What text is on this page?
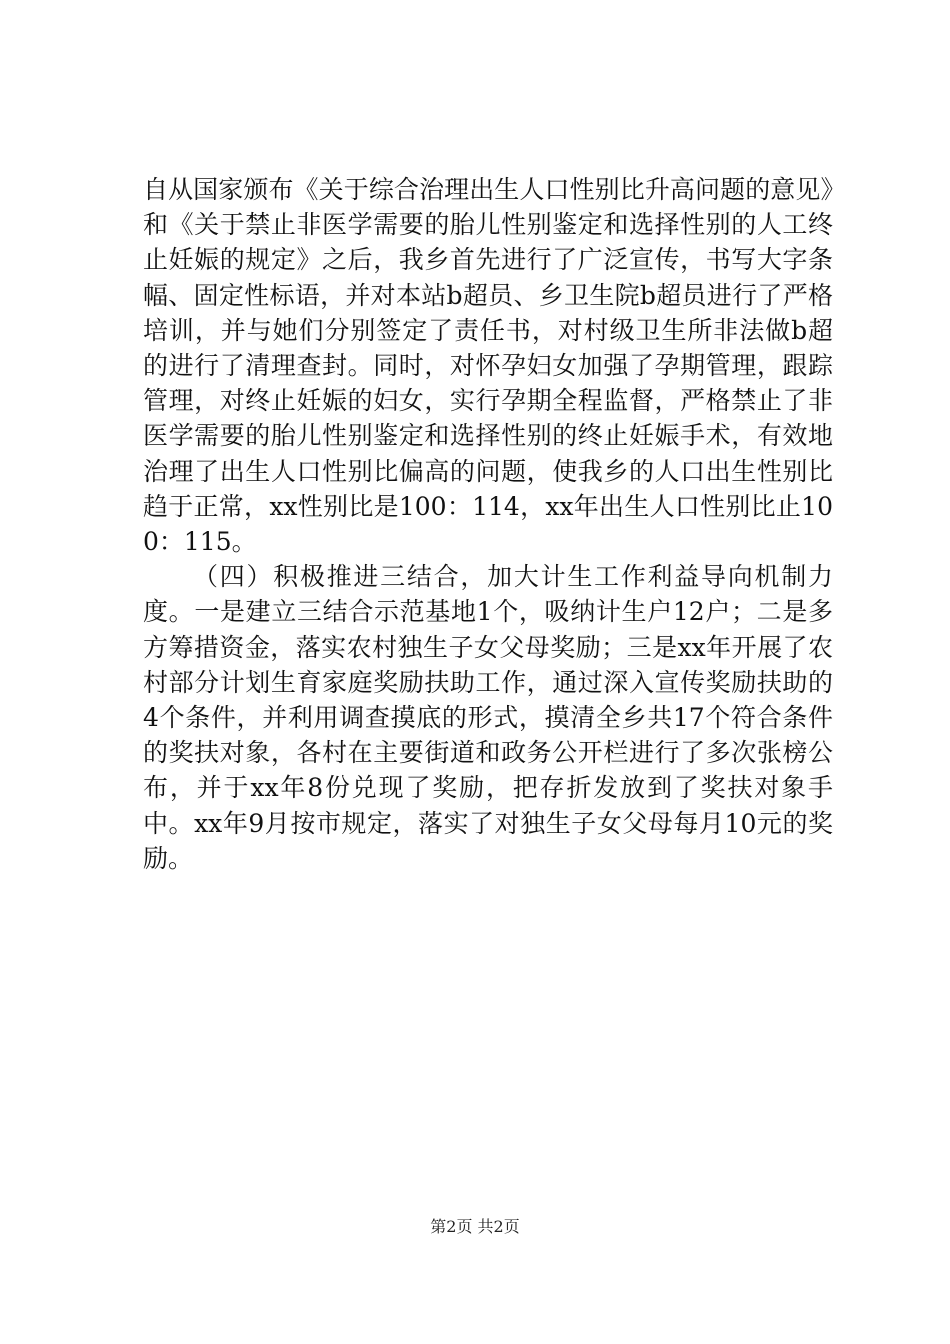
自从国家颁布《关于综合治理出生人口性别比升高问题的意见》和《关于禁止非医学需要的胎儿性别鉴定和选择性别的人工终止妊娠的规定》之后，我乡首先进行了广泛宣传，书写大字条幅、固定性标语，并对本站b超员、乡卫生院b超员进行了严格培训，并与她们分别签定了责任书，对村级卫生所非法做b超的进行了清理查封。同时，对怀孕妇女加强了孕期管理，跟踪管理，对终止妊娠的妇女，实行孕期全程监督，严格禁止了非医学需要的胎儿性别鉴定和选择性别的终止妊娠手术，有效地治理了出生人口性别比偏高的问题，使我乡的人口出生性别比趋于正常，xx性别比是100：114，xx年出生人口性别比止100：115。

（四）积极推进三结合，加大计生工作利益导向机制力度。一是建立三结合示范基地1个，吸纳计生户12户；二是多方筹措资金，落实农村独生子女父母奖励；三是xx年开展了农村部分计划生育家庭奖励扶助工作，通过深入宣传奖励扶助的4个条件，并利用调查摸底的形式，摸清全乡共17个符合条件的奖扶对象，各村在主要街道和政务公开栏进行了多次张榜公布，并于xx年8份兑现了奖励，把存折发放到了奖扶对象手中。xx年9月按市规定，落实了对独生子女父母每月10元的奖励。

第2页 共2页
